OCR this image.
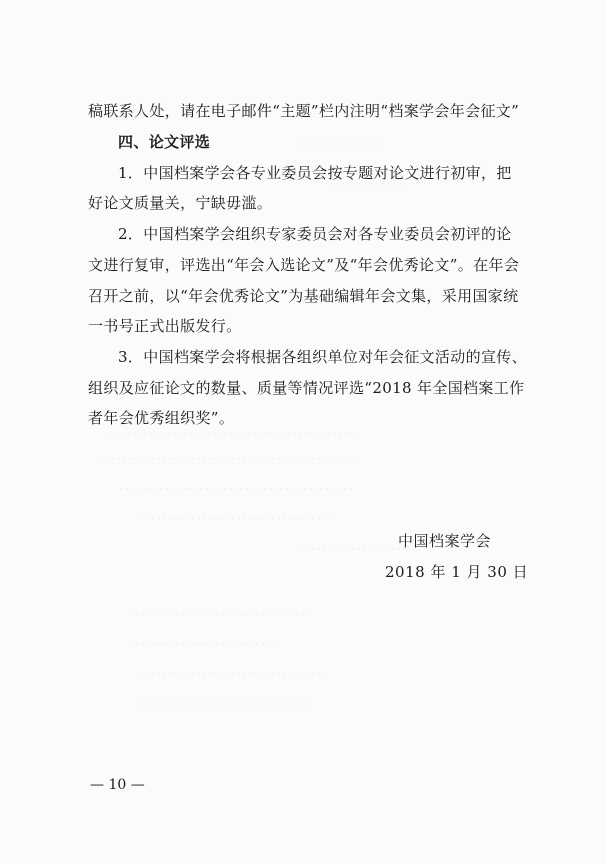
· · · · · · · · · · · · · · ·
· · · · · · · · · · · · ·
· · · · · · · · · · · · · · · · · · · · · · · · · · · · · · · · · · · · · · · · · · · ·
· · · · · · · · · · · · · · · · · · · · · · · · · · · · · · · · · · · · · · · · · · · · ·
· · · · · · · · · · · · · · · · · · · · · · · · · · · · · · · · · · · · · · · · ·
· · · · · · · · · · · · · · · · · · · · · · · · · · · · · · · · · ·
· · · · · · · · · · · · · · · · · · ·
· · · · · · · · · · · · · · · · · · · · · · · · · · · · · · · ·
· · · · · · · · · · · · · · · · · · · · · · · · · ·
· · · · · · · · · · · · · · · · · · · · · · · · · · · · · · · · ·
· · · · · · · · · · · · · · · · · · · · · · · · · · · · · ·
稿联系人处，请在电子邮件“主题”栏内注明“档案学会年会征文”
四、论文评选
1．中国档案学会各专业委员会按专题对论文进行初审，把
好论文质量关，宁缺毋滥。
2．中国档案学会组织专家委员会对各专业委员会初评的论
文进行复审，评选出“年会入选论文”及“年会优秀论文”。在年会
召开之前，以“年会优秀论文”为基础编辑年会文集，采用国家统
一书号正式出版发行。
3．中国档案学会将根据各组织单位对年会征文活动的宣传、
组织及应征论文的数量、质量等情况评选“2018 年全国档案工作
者年会优秀组织奖”。
中国档案学会
2018 年 1 月 30 日
— 10 —
